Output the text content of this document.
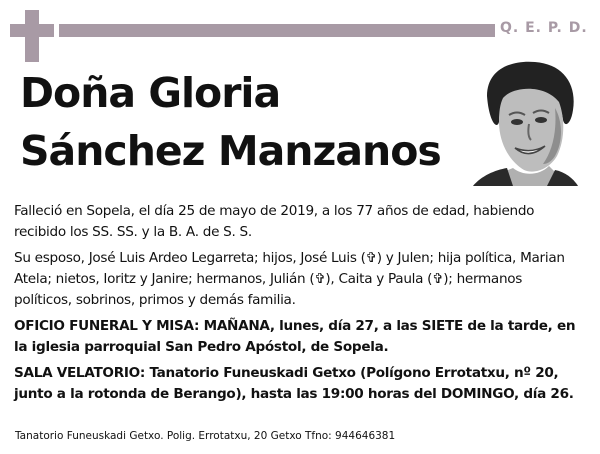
Q. E. P. D.
Doña Gloria
Sánchez Manzanos

Falleció en Sopela, el día 25 de mayo de 2019, a los 77 años de edad, habiendo recibido los SS. SS. y la B. A. de S. S.

Su esposo, José Luis Ardeo Legarreta; hijos, José Luis (✞) y Julen; hija política, Marian Atela; nietos, Ioritz y Janire; hermanos, Julián (✞), Caita y Paula (✞); hermanos políticos, sobrinos, primos y demás familia.

OFICIO FUNERAL Y MISA: MAÑANA, lunes, día 27, a las SIETE de la tarde, en la iglesia parroquial San Pedro Apóstol, de Sopela.

SALA VELATORIO: Tanatorio Funeuskadi Getxo (Polígono Errotatxu, nº 20, junto a la rotonda de Berango), hasta las 19:00 horas del DOMINGO, día 26.

Tanatorio Funeuskadi Getxo. Polig. Errotatxu, 20 Getxo Tfno: 944646381
